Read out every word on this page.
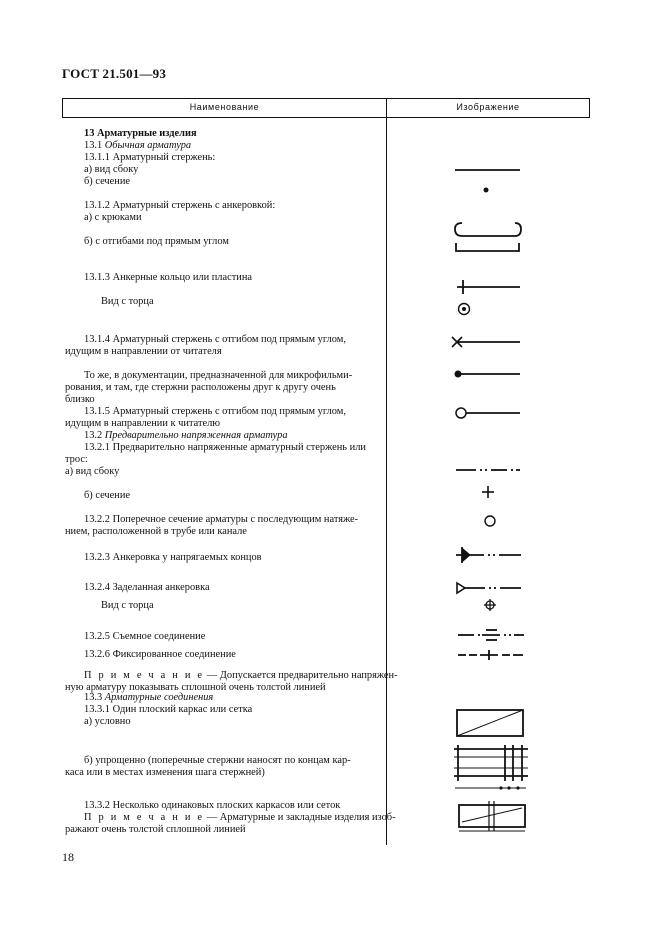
ГОСТ 21.501—93
Наименование	Изображение
13 Арматурные изделия
13.1 Обычная арматура
13.1.1 Арматурный стержень:
а) вид сбоку
б) сечение
13.1.2 Арматурный стержень с анкеровкой:
а) с крюками
б) с отгибами под прямым углом
13.1.3 Анкерные кольцо или пластина
Вид с торца
13.1.4 Арматурный стержень с отгибом под прямым углом,
идущим в направлении от читателя
То же, в документации, предназначенной для микрофильми-
рования, и там, где стержни расположены друг к другу очень
близко
13.1.5 Арматурный стержень с отгибом под прямым углом,
идущим в направлении к читателю
13.2 Предварительно напряженная арматура
13.2.1 Предварительно напряженные арматурный стержень или
трос:
а) вид сбоку
б) сечение
13.2.2 Поперечное сечение арматуры с последующим натяже-
нием, расположенной в трубе или канале
13.2.3 Анкеровка у напрягаемых концов
13.2.4 Заделанная анкеровка
Вид с торца
13.2.5 Съемное соединение
13.2.6 Фиксированное соединение
П р и м е ч а н и е — Допускается предварительно напряжен-
ную арматуру показывать сплошной очень толстой линией
13.3 Арматурные соединения
13.3.1 Один плоский каркас или сетка
а) условно
б) упрощенно (поперечные стержни наносят по концам кар-
каса или в местах изменения шага стержней)
13.3.2 Несколько одинаковых плоских каркасов или сеток
П р и м е ч а н и е — Арматурные и закладные изделия изоб-
ражают очень толстой сплошной линией
18
